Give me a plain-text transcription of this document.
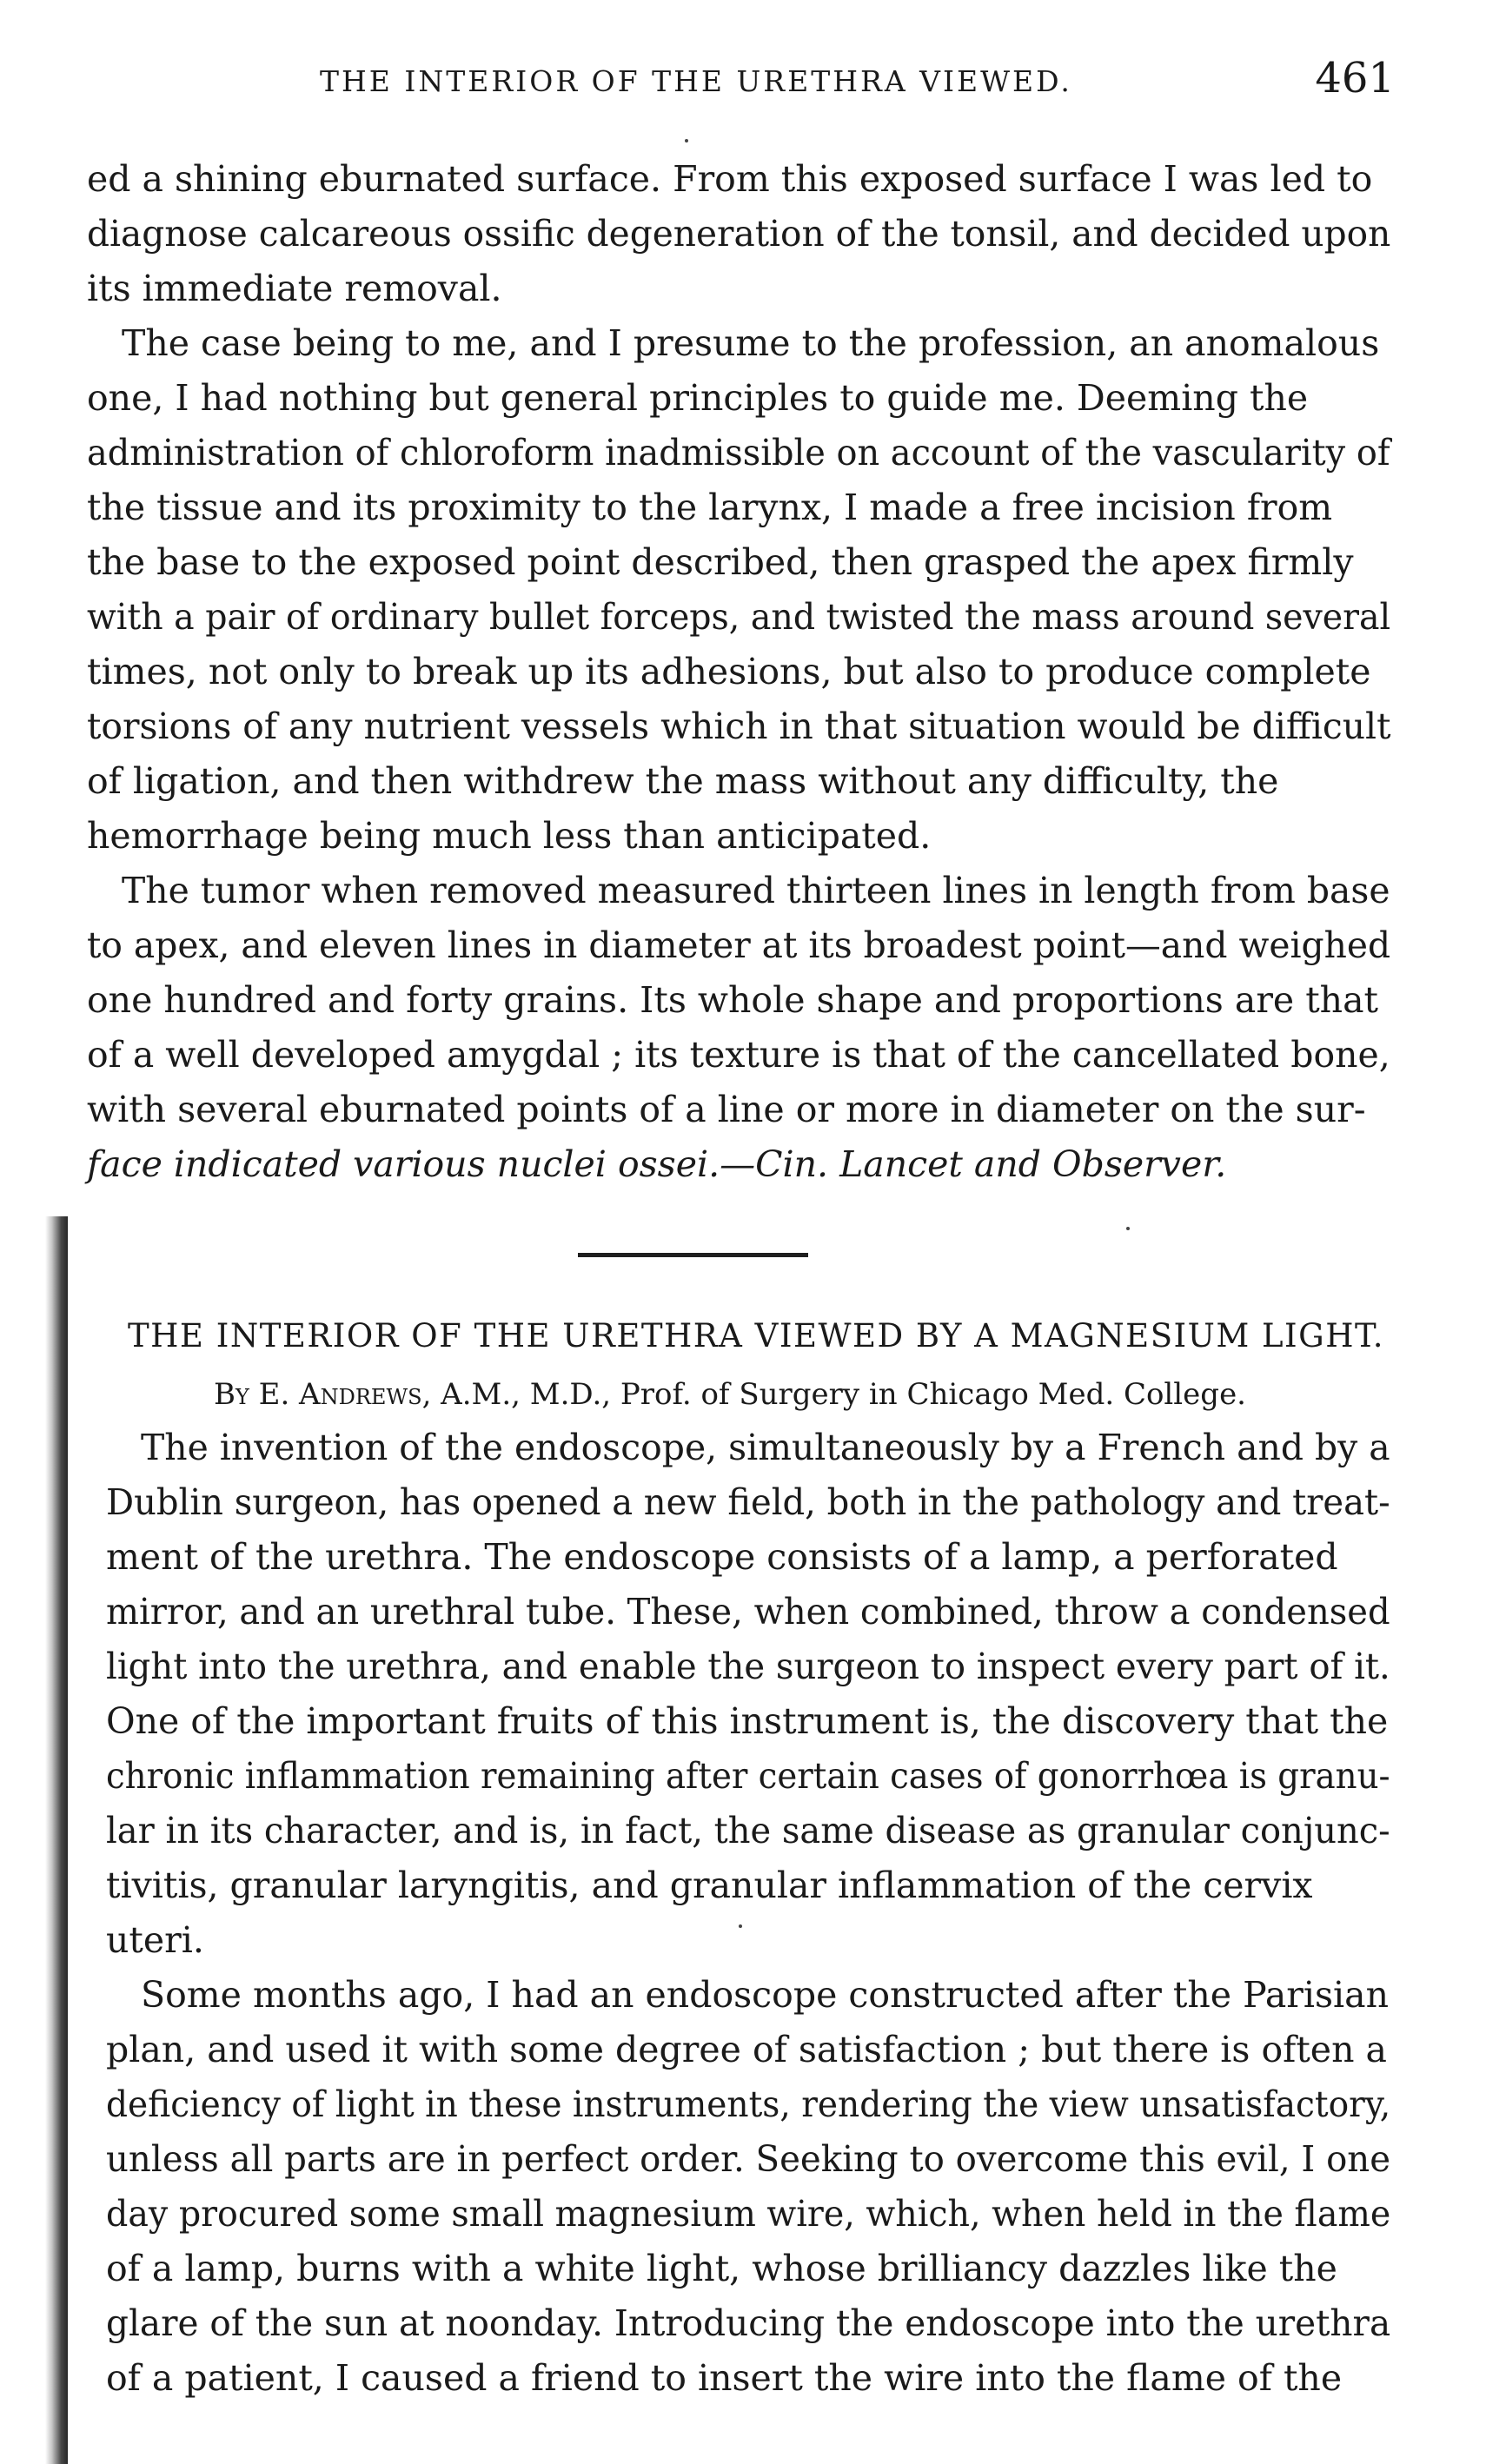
THE INTERIOR OF THE URETHRA VIEWED.	461
ed a shining eburnated surface. From this exposed surface I was led to
diagnose calcareous ossific degeneration of the tonsil, and decided upon
its immediate removal.
The case being to me, and I presume to the profession, an anomalous
one, I had nothing but general principles to guide me. Deeming the
administration of chloroform inadmissible on account of the vascularity of
the tissue and its proximity to the larynx, I made a free incision from
the base to the exposed point described, then grasped the apex firmly
with a pair of ordinary bullet forceps, and twisted the mass around several
times, not only to break up its adhesions, but also to produce complete
torsions of any nutrient vessels which in that situation would be difficult
of ligation, and then withdrew the mass without any difficulty, the
hemorrhage being much less than anticipated.
The tumor when removed measured thirteen lines in length from base
to apex, and eleven lines in diameter at its broadest point—and weighed
one hundred and forty grains. Its whole shape and proportions are that
of a well developed amygdal ; its texture is that of the cancellated bone,
with several eburnated points of a line or more in diameter on the sur-
face indicated various nuclei ossei.—Cin. Lancet and Observer.
THE INTERIOR OF THE URETHRA VIEWED BY A MAGNESIUM LIGHT.
By E. Andrews, A.M., M.D., Prof. of Surgery in Chicago Med. College.
The invention of the endoscope, simultaneously by a French and by a
Dublin surgeon, has opened a new field, both in the pathology and treat-
ment of the urethra. The endoscope consists of a lamp, a perforated
mirror, and an urethral tube. These, when combined, throw a condensed
light into the urethra, and enable the surgeon to inspect every part of it.
One of the important fruits of this instrument is, the discovery that the
chronic inflammation remaining after certain cases of gonorrhœa is granu-
lar in its character, and is, in fact, the same disease as granular conjunc-
tivitis, granular laryngitis, and granular inflammation of the cervix
uteri.
Some months ago, I had an endoscope constructed after the Parisian
plan, and used it with some degree of satisfaction ; but there is often a
deficiency of light in these instruments, rendering the view unsatisfactory,
unless all parts are in perfect order. Seeking to overcome this evil, I one
day procured some small magnesium wire, which, when held in the flame
of a lamp, burns with a white light, whose brilliancy dazzles like the
glare of the sun at noonday. Introducing the endoscope into the urethra
of a patient, I caused a friend to insert the wire into the flame of the
